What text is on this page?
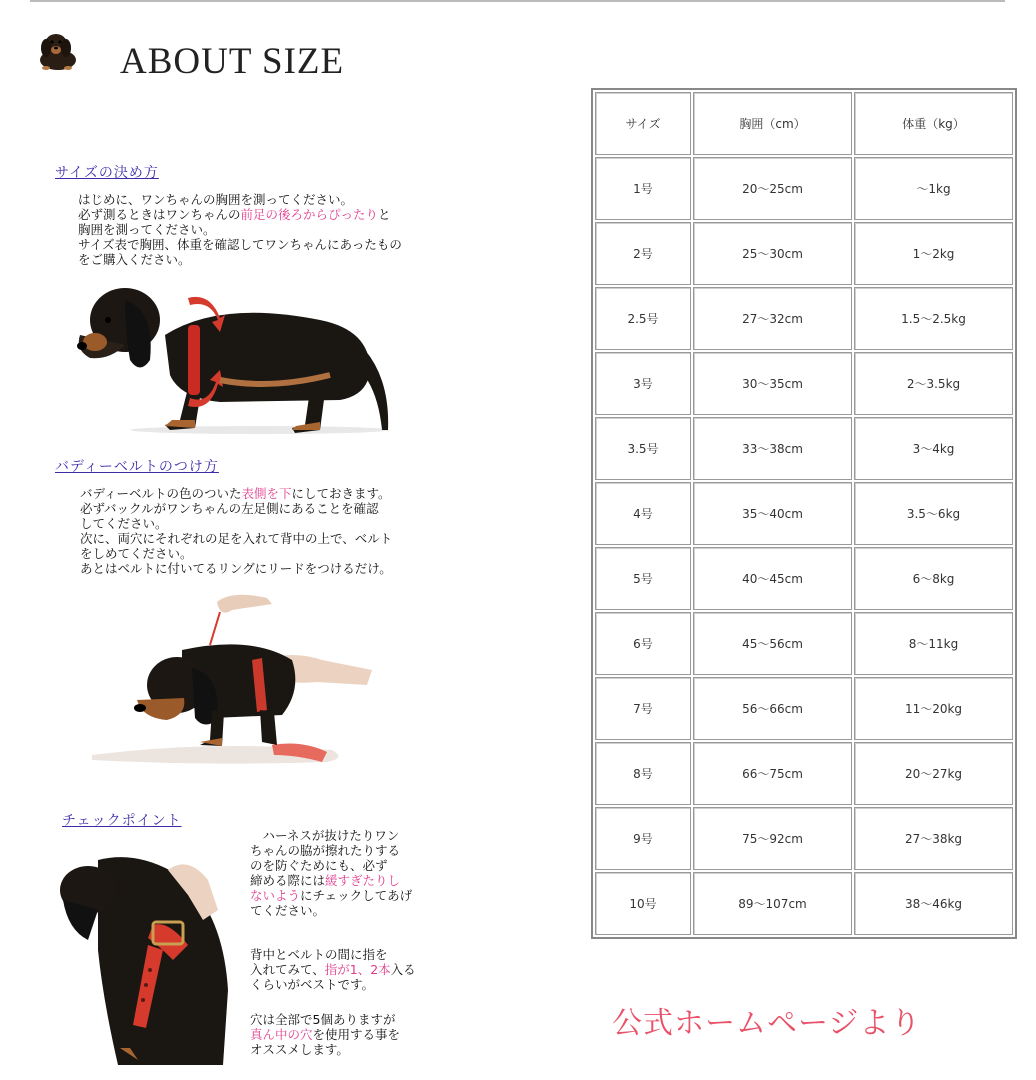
ABOUT SIZE
サイズの決め方
はじめに、ワンちゃんの胸囲を測ってください。
必ず測るときはワンちゃんの前足の後ろからぴったりと
胸囲を測ってください。
サイズ表で胸囲、体重を確認してワンちゃんにあったもの
をご購入ください。
バディーベルトのつけ方
バディーベルトの色のついた表側を下にしておきます。
必ずバックルがワンちゃんの左足側にあることを確認
してください。
次に、両穴にそれぞれの足を入れて背中の上で、ベルト
をしめてください。
あとはベルトに付いてるリングにリードをつけるだけ。
チェックポイント
　ハーネスが抜けたりワン
ちゃんの脇が擦れたりする
のを防ぐためにも、必ず
締める際には緩すぎたりし
ないようにチェックしてあげ
てください。
背中とベルトの間に指を
入れてみて、指が1、2本入る
くらいがベストです。
穴は全部で5個ありますが
真ん中の穴を使用する事を
オススメします。
サイズ	胸囲（cm）	体重（kg）
1号	20〜25cm	〜1kg
2号	25〜30cm	1〜2kg
2.5号	27〜32cm	1.5〜2.5kg
3号	30〜35cm	2〜3.5kg
3.5号	33〜38cm	3〜4kg
4号	35〜40cm	3.5〜6kg
5号	40〜45cm	6〜8kg
6号	45〜56cm	8〜11kg
7号	56〜66cm	11〜20kg
8号	66〜75cm	20〜27kg
9号	75〜92cm	27〜38kg
10号	89〜107cm	38〜46kg
公式ホームページより
